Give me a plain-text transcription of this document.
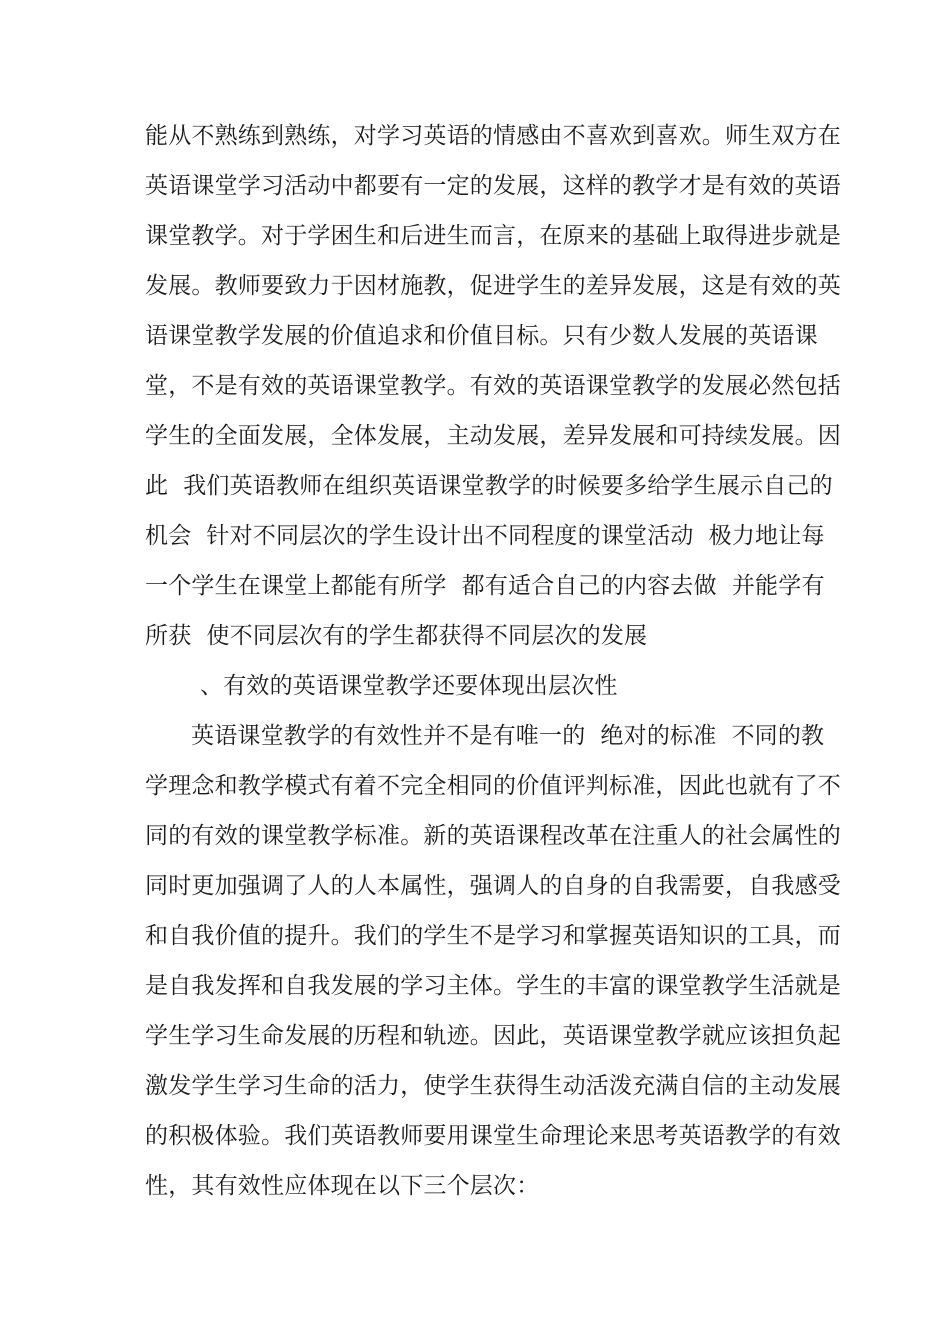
能从不熟练到熟练，对学习英语的情感由不喜欢到喜欢。师生双方在
英语课堂学习活动中都要有一定的发展，这样的教学才是有效的英语
课堂教学。对于学困生和后进生而言，在原来的基础上取得进步就是
发展。教师要致力于因材施教，促进学生的差异发展，这是有效的英
语课堂教学发展的价值追求和价值目标。只有少数人发展的英语课
堂，不是有效的英语课堂教学。有效的英语课堂教学的发展必然包括
学生的全面发展，全体发展，主动发展，差异发展和可持续发展。因
此  我们英语教师在组织英语课堂教学的时候要多给学生展示自己的
机会  针对不同层次的学生设计出不同程度的课堂活动  极力地让每
一个学生在课堂上都能有所学  都有适合自己的内容去做  并能学有
所获  使不同层次有的学生都获得不同层次的发展
、有效的英语课堂教学还要体现出层次性
英语课堂教学的有效性并不是有唯一的  绝对的标准  不同的教
学理念和教学模式有着不完全相同的价值评判标准，因此也就有了不
同的有效的课堂教学标准。新的英语课程改革在注重人的社会属性的
同时更加强调了人的人本属性，强调人的自身的自我需要，自我感受
和自我价值的提升。我们的学生不是学习和掌握英语知识的工具，而
是自我发挥和自我发展的学习主体。学生的丰富的课堂教学生活就是
学生学习生命发展的历程和轨迹。因此，英语课堂教学就应该担负起
激发学生学习生命的活力，使学生获得生动活泼充满自信的主动发展
的积极体验。我们英语教师要用课堂生命理论来思考英语教学的有效
性，其有效性应体现在以下三个层次：
